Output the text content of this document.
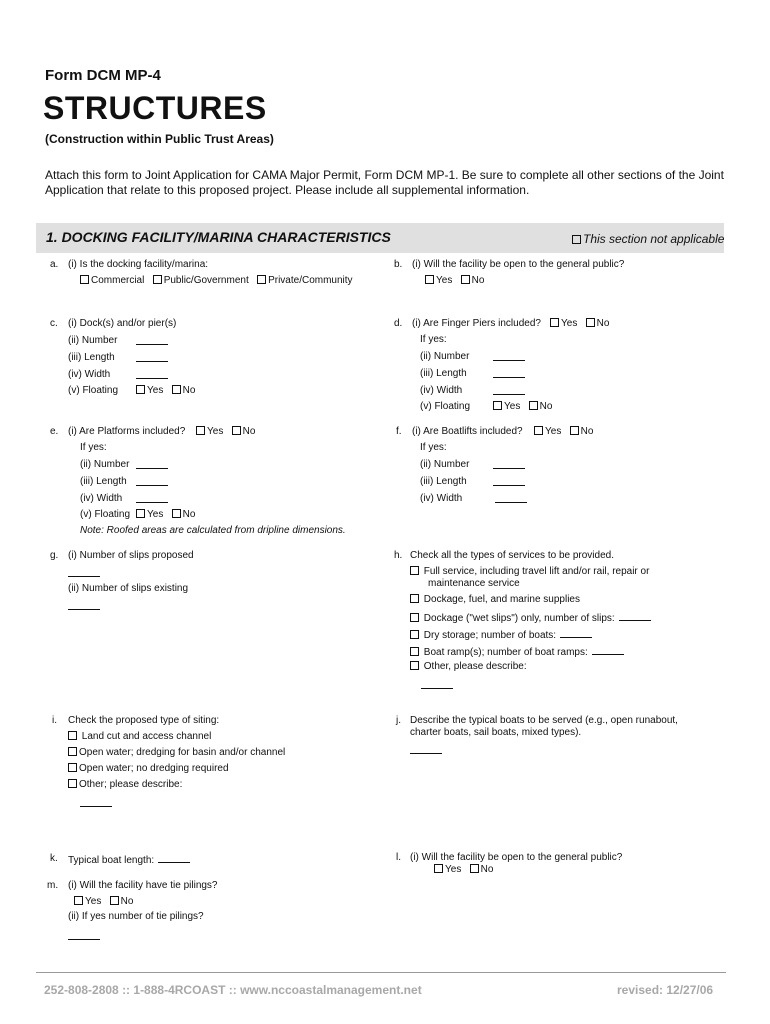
Form DCM MP-4
STRUCTURES
(Construction within Public Trust Areas)
Attach this form to Joint Application for CAMA Major Permit, Form DCM MP-1. Be sure to complete all other sections of the Joint Application that relate to this proposed project. Please include all supplemental information.
1. DOCKING FACILITY/MARINA CHARACTERISTICS	This section not applicable
a. (i) Is the docking facility/marina:
Commercial Public/Government Private/Community
b. (i) Will the facility be open to the general public?
Yes No
c. (i) Dock(s) and/or pier(s)
(ii) Number
(iii) Length
(iv) Width
(v) Floating	Yes No
d. (i) Are Finger Piers included?	Yes No
If yes:
(ii) Number
(iii) Length
(iv) Width
(v) Floating	Yes No
e. (i) Are Platforms included?	Yes No
If yes:
(ii) Number
(iii) Length
(iv) Width
(v) Floating	Yes No
Note: Roofed areas are calculated from dripline dimensions.
f. (i) Are Boatlifts included?	Yes No
If yes:
(ii) Number
(iii) Length
(iv) Width
g. (i) Number of slips proposed
(ii) Number of slips existing
h. Check all the types of services to be provided.
Full service, including travel lift and/or rail, repair or
maintenance service
Dockage, fuel, and marine supplies
Dockage ("wet slips") only, number of slips:
Dry storage; number of boats:
Boat ramp(s); number of boat ramps:
Other, please describe:
i. Check the proposed type of siting:
Land cut and access channel
Open water; dredging for basin and/or channel
Open water; no dredging required
Other; please describe:
j. Describe the typical boats to be served (e.g., open runabout,
charter boats, sail boats, mixed types).
k. Typical boat length:	l. (i) Will the facility be open to the general public?
Yes No
m. (i) Will the facility have tie pilings?
Yes No
(ii) If yes number of tie pilings?
252-808-2808 :: 1-888-4RCOAST :: www.nccoastalmanagement.net	revised: 12/27/06
